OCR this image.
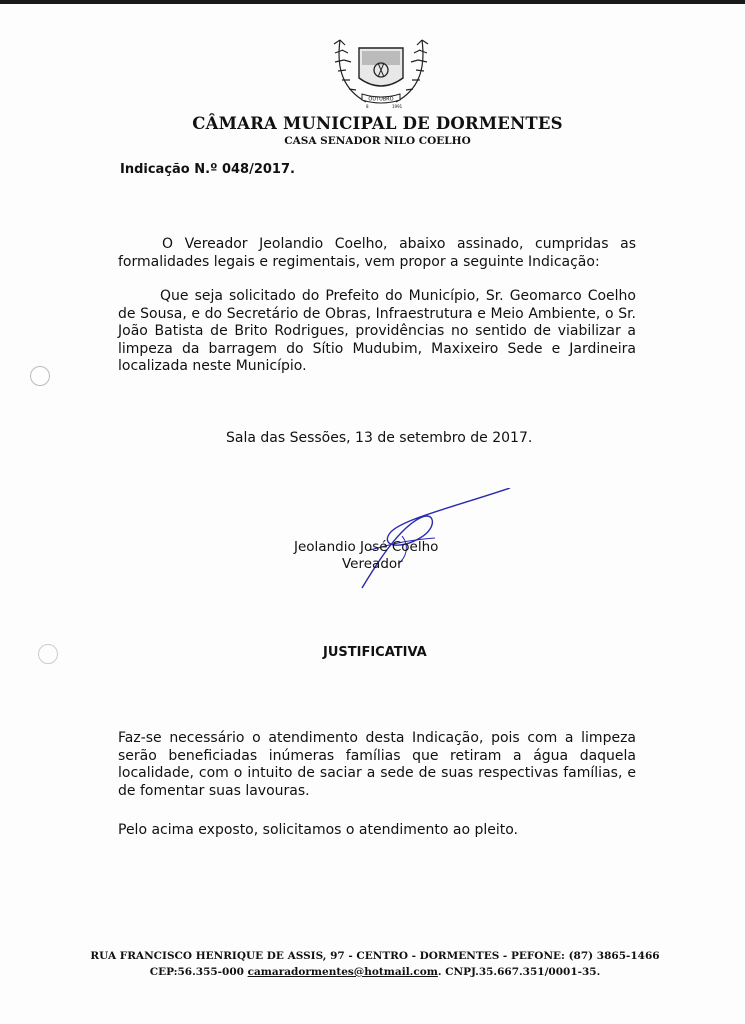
OUTUBRO
8	1991
CÂMARA MUNICIPAL DE DORMENTES
CASA SENADOR NILO COELHO
Indicação N.º 048/2017.
O Vereador Jeolandio Coelho, abaixo assinado, cumpridas as formalidades legais e regimentais, vem propor a seguinte Indicação:
Que seja solicitado do Prefeito do Município, Sr. Geomarco Coelho de Sousa, e do Secretário de Obras, Infraestrutura e Meio Ambiente, o Sr. João Batista de Brito Rodrigues, providências no sentido de viabilizar a limpeza da barragem do Sítio Mudubim, Maxixeiro Sede e Jardineira localizada neste Município.
Sala das Sessões, 13 de setembro de 2017.
Jeolandio José Coelho
Vereador
JUSTIFICATIVA
Faz-se necessário o atendimento desta Indicação, pois com a limpeza serão beneficiadas inúmeras famílias que retiram a água daquela localidade, com o intuito de saciar a sede de suas respectivas famílias, e de fomentar suas lavouras.
Pelo acima exposto, solicitamos o atendimento ao pleito.
RUA FRANCISCO HENRIQUE DE ASSIS, 97 - CENTRO - DORMENTES - PEFONE: (87) 3865-1466
CEP:56.355-000 camaradormentes@hotmail.com. CNPJ.35.667.351/0001-35.
